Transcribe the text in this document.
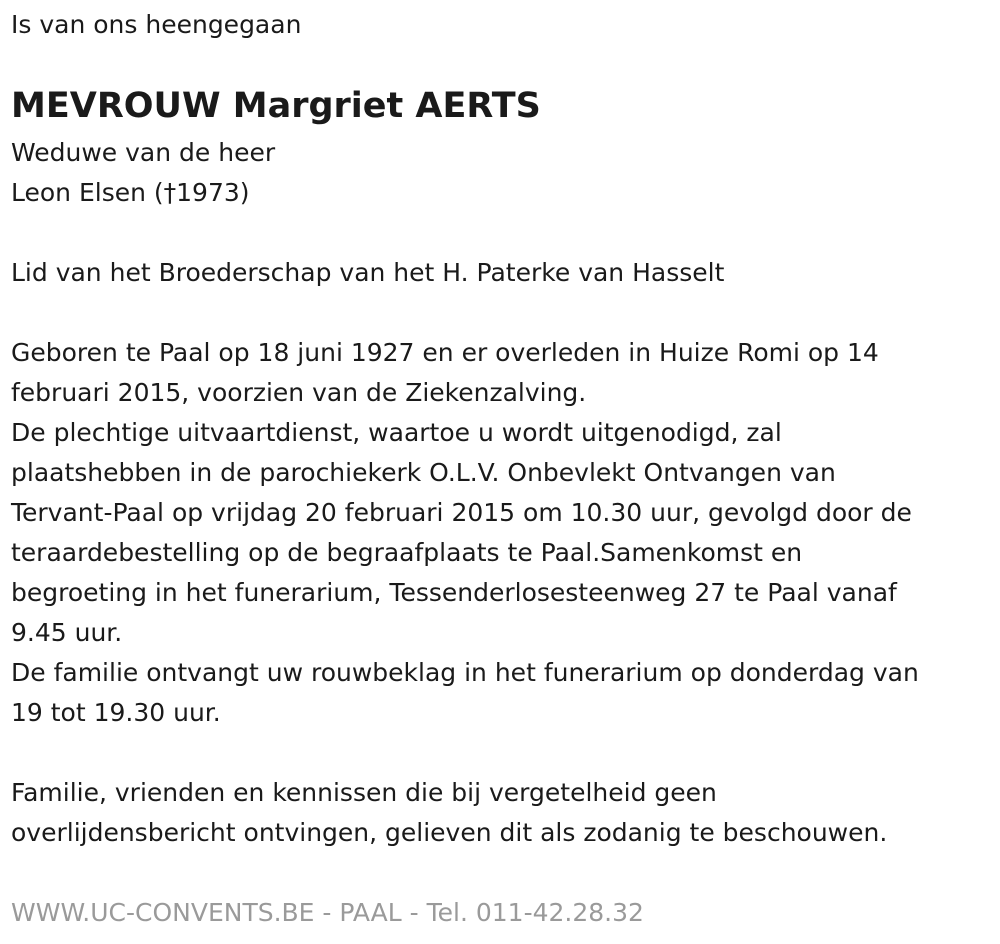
Is van ons heengegaan
MEVROUW Margriet AERTS
Weduwe van de heer
Leon Elsen (†1973)
Lid van het Broederschap van het H. Paterke van Hasselt
Geboren te Paal op 18 juni 1927 en er overleden in Huize Romi op 14
februari 2015, voorzien van de Ziekenzalving.
De plechtige uitvaartdienst, waartoe u wordt uitgenodigd, zal
plaatshebben in de parochiekerk O.L.V. Onbevlekt Ontvangen van
Tervant-Paal op vrijdag 20 februari 2015 om 10.30 uur, gevolgd door de
teraardebestelling op de begraafplaats te Paal.Samenkomst en
begroeting in het funerarium, Tessenderlosesteenweg 27 te Paal vanaf
9.45 uur.
De familie ontvangt uw rouwbeklag in het funerarium op donderdag van
19 tot 19.30 uur.
Familie, vrienden en kennissen die bij vergetelheid geen
overlijdensbericht ontvingen, gelieven dit als zodanig te beschouwen.
WWW.UC-CONVENTS.BE - PAAL - Tel. 011-42.28.32
